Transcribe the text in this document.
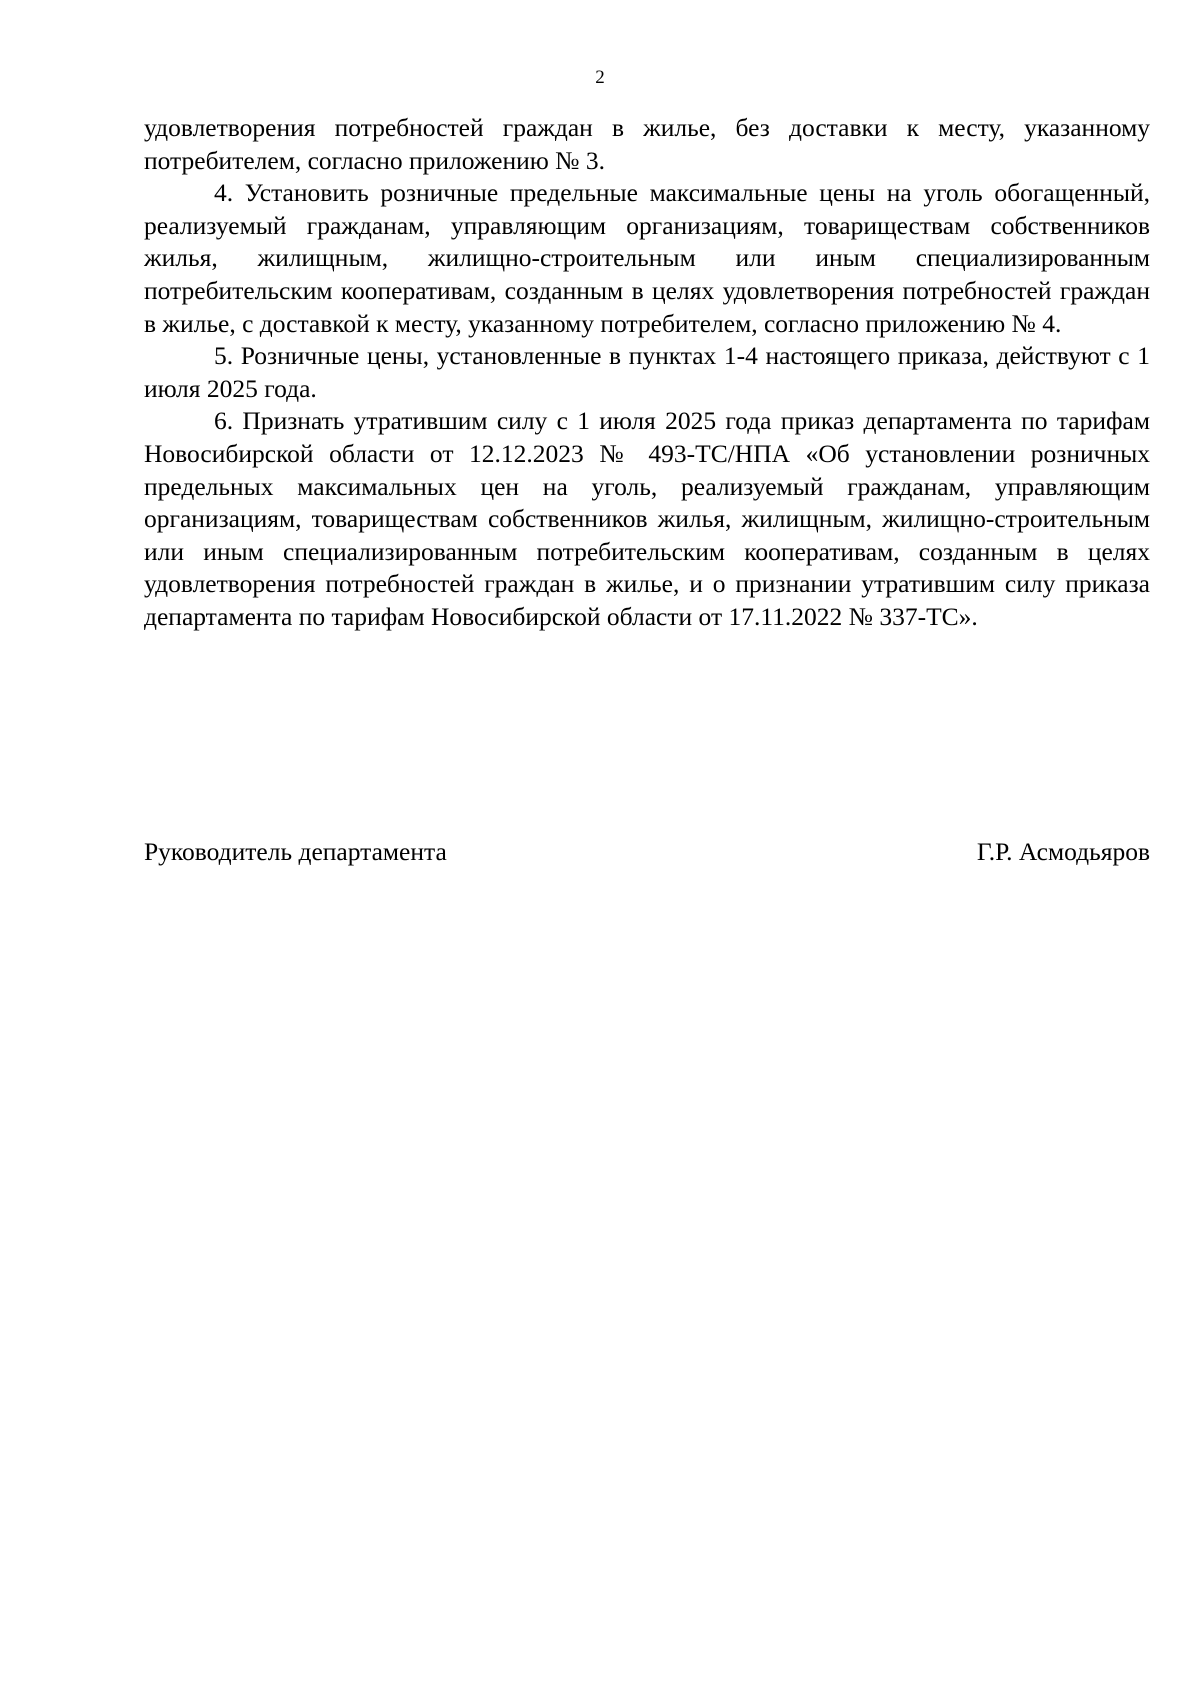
2

удовлетворения потребностей граждан в жилье, без доставки к месту, указанному потребителем, согласно приложению № 3.

4. Установить розничные предельные максимальные цены на уголь обогащенный, реализуемый гражданам, управляющим организациям, товариществам собственников жилья, жилищным, жилищно-строительным или иным специализированным потребительским кооперативам, созданным в целях удовлетворения потребностей граждан в жилье, с доставкой к месту, указанному потребителем, согласно приложению № 4.

5. Розничные цены, установленные в пунктах 1-4 настоящего приказа, действуют с 1 июля 2025 года.

6. Признать утратившим силу с 1 июля 2025 года приказ департамента по тарифам Новосибирской области от 12.12.2023 № 493-ТС/НПА «Об установлении розничных предельных максимальных цен на уголь, реализуемый гражданам, управляющим организациям, товариществам собственников жилья, жилищным, жилищно-строительным или иным специализированным потребительским кооперативам, созданным в целях удовлетворения потребностей граждан в жилье, и о признании утратившим силу приказа департамента по тарифам Новосибирской области от 17.11.2022 № 337-ТС».

Руководитель департамента	Г.Р. Асмодьяров
